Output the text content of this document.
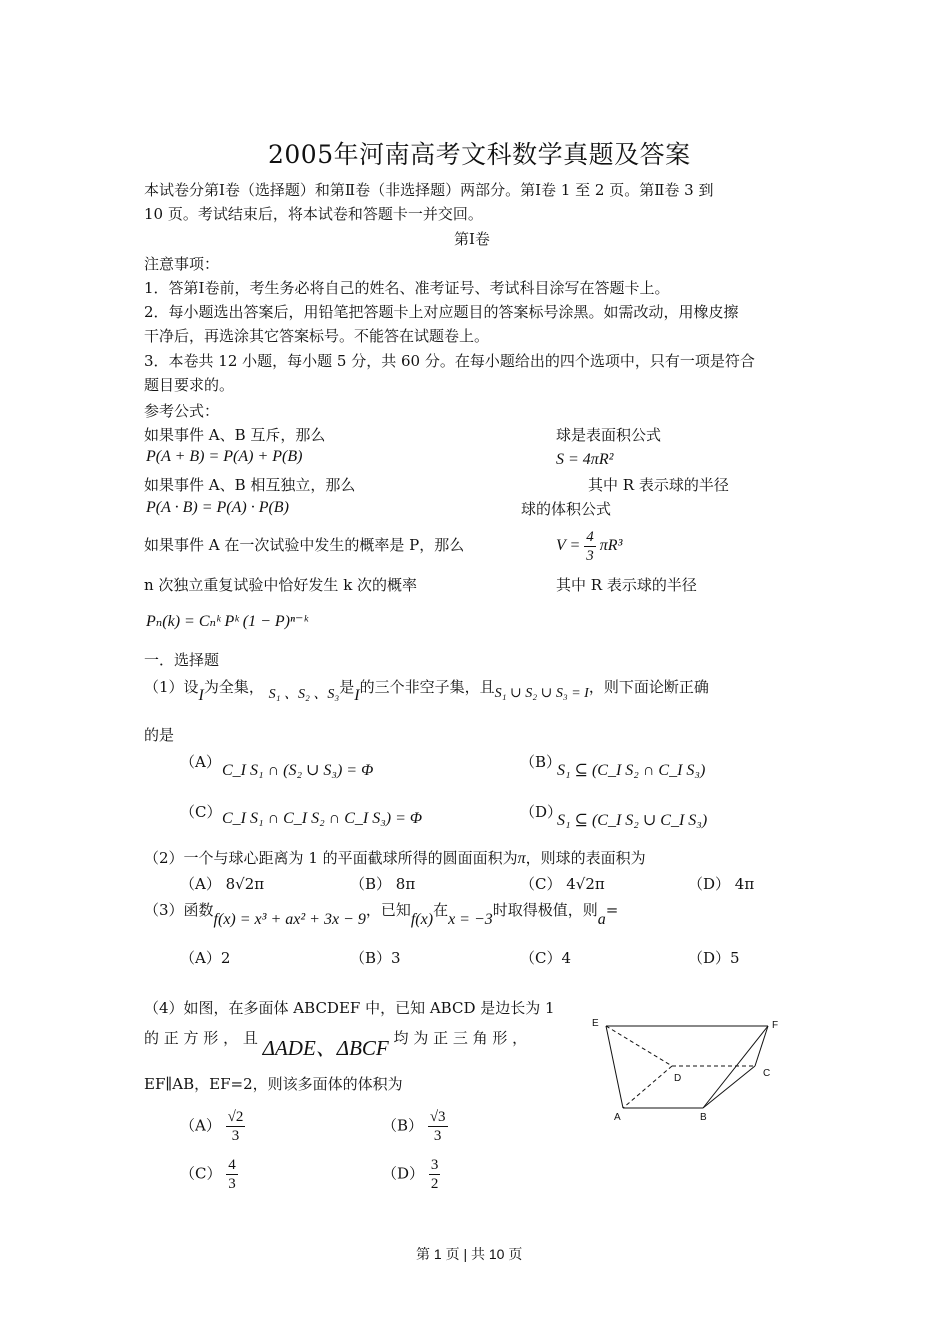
2005年河南高考文科数学真题及答案
本试卷分第Ⅰ卷（选择题）和第Ⅱ卷（非选择题）两部分。第Ⅰ卷 1 至 2 页。第Ⅱ卷 3 到
10 页。考试结束后，将本试卷和答题卡一并交回。
第Ⅰ卷
注意事项：
1．答第Ⅰ卷前，考生务必将自己的姓名、准考证号、考试科目涂写在答题卡上。
2．每小题选出答案后，用铅笔把答题卡上对应题目的答案标号涂黑。如需改动，用橡皮擦
干净后，再选涂其它答案标号。不能答在试题卷上。
3．本卷共 12 小题，每小题 5 分，共 60 分。在每小题给出的四个选项中，只有一项是符合
题目要求的。
参考公式：
如果事件 A、B 互斥，那么
P(A + B) = P(A) + P(B)
如果事件 A、B 相互独立，那么
P(A · B) = P(A) · P(B)
如果事件 A 在一次试验中发生的概率是 P，那么
n 次独立重复试验中恰好发生 k 次的概率
Pₙ(k) = Cₙᵏ Pᵏ (1 − P)ⁿ⁻ᵏ
球是表面积公式
S = 4πR²
其中 R 表示球的半径
球的体积公式
$V = \frac{4}{3} \pi R^3$
其中 R 表示球的半径
一．选择题
（1）设I为全集， S₁ 、S₂ 、S₃是I的三个非空子集，且S₁ ∪ S₂ ∪ S₃ = I，则下面论断正确
的是
（A） C_I S₁ ∩ (S₂ ∪ S₃) = Φ	（B）
S₁ ⊆ (C_I S₂ ∩ C_I S₃)
（C） C_I S₁ ∩ C_I S₂ ∩ C_I S₃) = Φ	（D）
S₁ ⊆ (C_I S₂ ∪ C_I S₃)
（2）一个与球心距离为 1 的平面截球所得的圆面面积为π，则球的表面积为
（A） 8√2π	（B） 8π	（C） 4√2π	（D） 4π
（3）函数f(x) = x³ + ax² + 3x − 9，已知f(x)在x = −3时取得极值，则a=
（A）2	（B）3	（C）4	（D）5
（4）如图，在多面体 ABCDEF 中，已知 ABCD 是边长为 1
的 正 方 形 ， 且 ΔADE、ΔBCF 均 为 正 三 角 形 ，
EF∥AB，EF=2，则该多面体的体积为
$(A) \frac{√2}{3}$	$(B) \frac{√3}{3}$
$(C) \frac{4}{3}$	$(D) \frac{3}{2}$
E	F
D	C
A	B
第 1 页 | 共 10 页
